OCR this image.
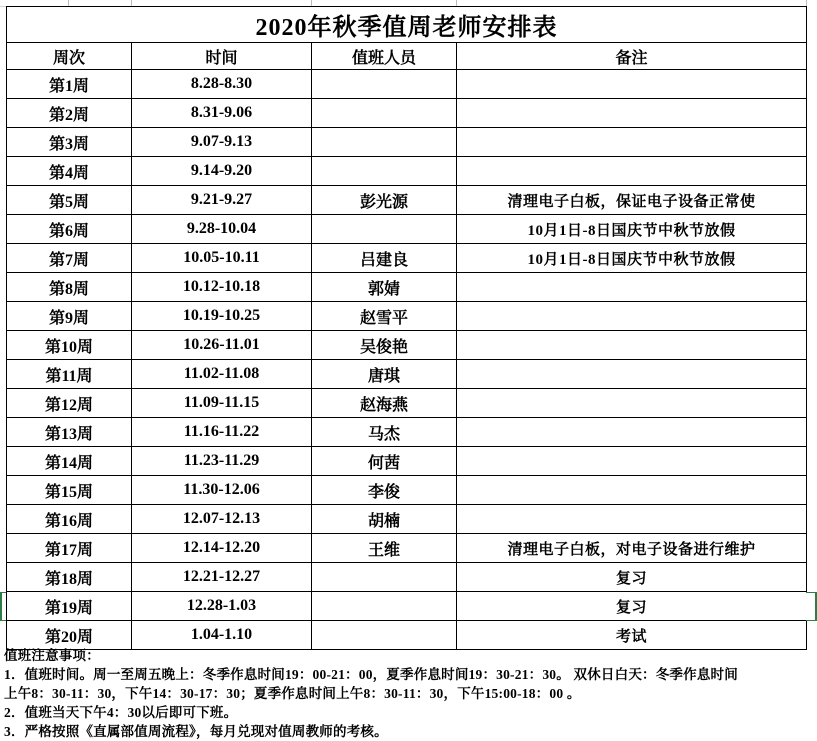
2020年秋季值周老师安排表			
周次	时间	值班人员	备注
第1周	8.28-8.30		
第2周	8.31-9.06		
第3周	9.07-9.13		
第4周	9.14-9.20		
第5周	9.21-9.27	彭光源	清理电子白板，保证电子设备正常使
第6周	9.28-10.04		10月1日-8日国庆节中秋节放假
第7周	10.05-10.11	吕建良	10月1日-8日国庆节中秋节放假
第8周	10.12-10.18	郭婧	
第9周	10.19-10.25	赵雪平	
第10周	10.26-11.01	吴俊艳	
第11周	11.02-11.08	唐琪	
第12周	11.09-11.15	赵海燕	
第13周	11.16-11.22	马杰	
第14周	11.23-11.29	何茜	
第15周	11.30-12.06	李俊	
第16周	12.07-12.13	胡楠	
第17周	12.14-12.20	王维	清理电子白板，对电子设备进行维护
第18周	12.21-12.27		复习
第19周	12.28-1.03		复习
第20周	1.04-1.10		考试
值班注意事项：
1．值班时间。周一至周五晚上：冬季作息时间19：00-21：00，夏季作息时间19：30-21：30。 双休日白天：冬季作息时间
上午8：30-11：30，下午14：30-17：30；夏季作息时间上午8：30-11：30，下午15:00-18：00 。
2．值班当天下午4：30以后即可下班。
3．严格按照《直属部值周流程》，每月兑现对值周教师的考核。
